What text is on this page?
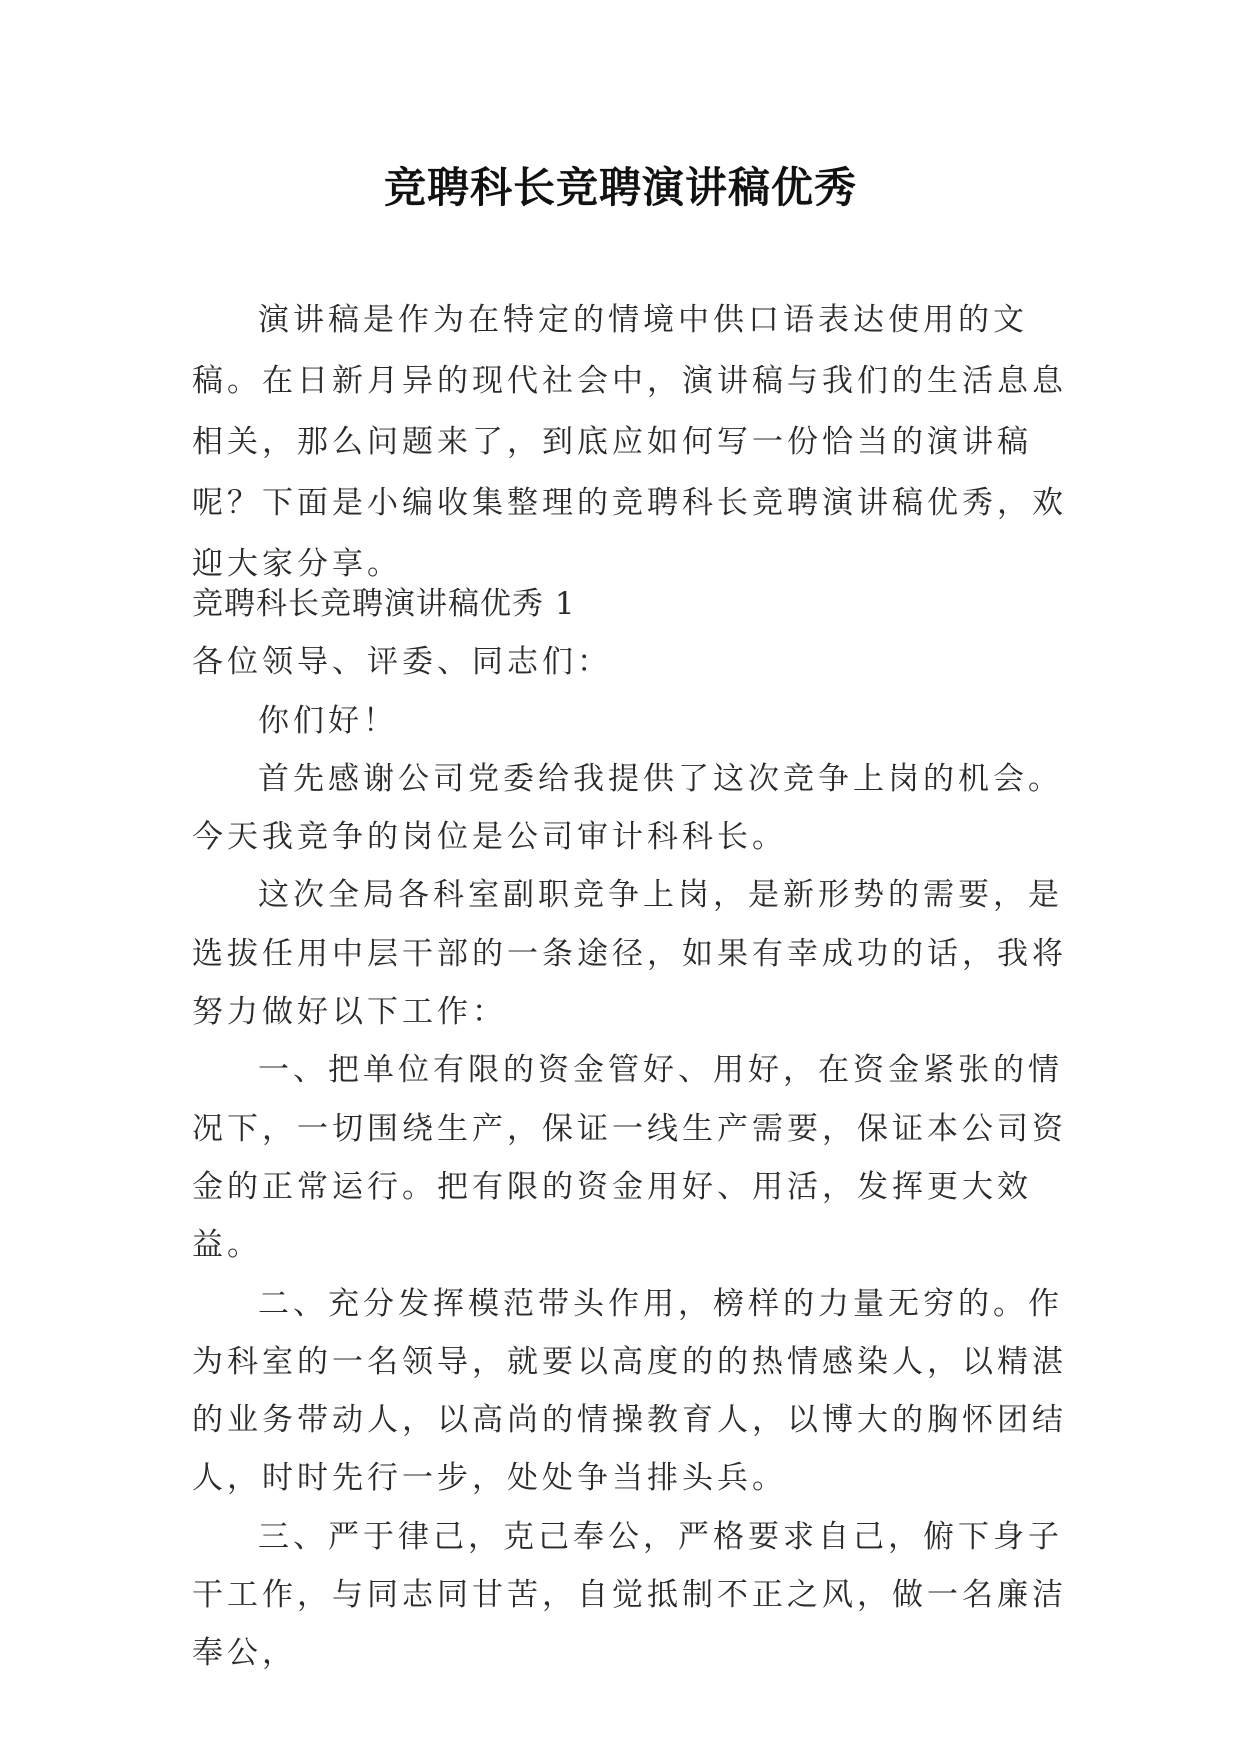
竞聘科长竞聘演讲稿优秀

演讲稿是作为在特定的情境中供口语表达使用的文稿。在日新月异的现代社会中，演讲稿与我们的生活息息相关，那么问题来了，到底应如何写一份恰当的演讲稿呢？下面是小编收集整理的竞聘科长竞聘演讲稿优秀，欢迎大家分享。

竞聘科长竞聘演讲稿优秀 1

各位领导、评委、同志们：

你们好！

首先感谢公司党委给我提供了这次竞争上岗的机会。今天我竞争的岗位是公司审计科科长。

这次全局各科室副职竞争上岗，是新形势的需要，是选拔任用中层干部的一条途径，如果有幸成功的话，我将努力做好以下工作：

一、把单位有限的资金管好、用好，在资金紧张的情况下，一切围绕生产，保证一线生产需要，保证本公司资金的正常运行。把有限的资金用好、用活，发挥更大效益。

二、充分发挥模范带头作用，榜样的力量无穷的。作为科室的一名领导，就要以高度的的热情感染人，以精湛的业务带动人，以高尚的情操教育人，以博大的胸怀团结人，时时先行一步，处处争当排头兵。

三、严于律己，克己奉公，严格要求自己，俯下身子干工作，与同志同甘苦，自觉抵制不正之风，做一名廉洁奉公，
